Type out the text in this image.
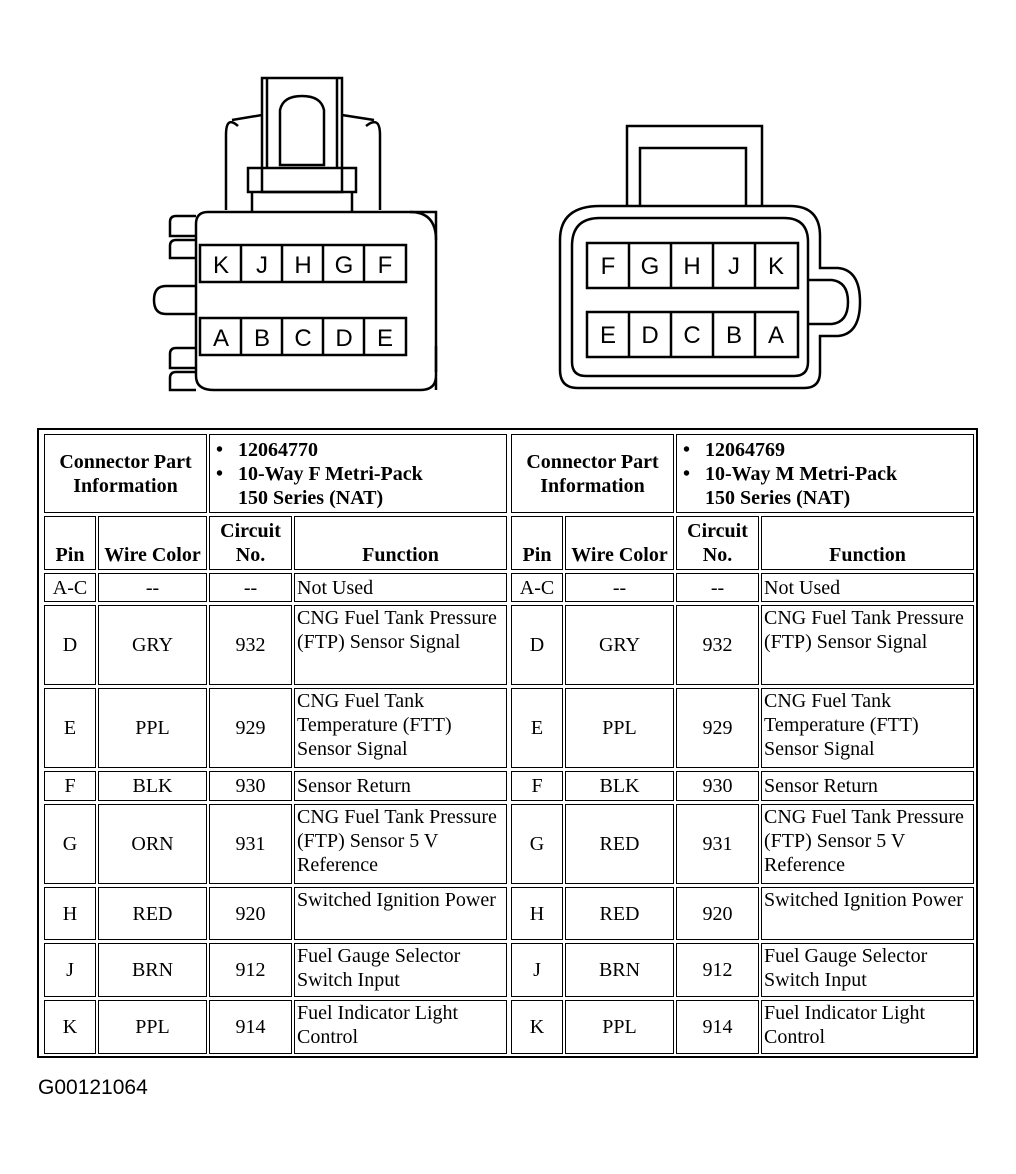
K J H G F
A B C D E
F G H J K
E D C B A
Connector Part Information
• 12064770
• 10-Way F Metri-Pack
150 Series (NAT)
Pin Wire Color
Circuit No.	Function
A-C	--	--	Not Used
D	GRY	932
CNG Fuel Tank Pressure (FTP) Sensor Signal
E	PPL	929
CNG Fuel Tank Temperature (FTT) Sensor Signal
F	BLK	930	Sensor Return
G	ORN	931
CNG Fuel Tank Pressure (FTP) Sensor 5 V Reference
H	RED	920
Switched Ignition Power
J	BRN	912
Fuel Gauge Selector Switch Input
K	PPL	914
Fuel Indicator Light Control
Connector Part Information
• 12064769
• 10-Way M Metri-Pack
150 Series (NAT)
Pin Wire Color
Circuit No.	Function
A-C	--	--	Not Used
D	GRY	932
CNG Fuel Tank Pressure (FTP) Sensor Signal
E	PPL	929
CNG Fuel Tank Temperature (FTT) Sensor Signal
F	BLK	930	Sensor Return
G	RED	931
CNG Fuel Tank Pressure (FTP) Sensor 5 V Reference
H	RED	920
Switched Ignition Power
J	BRN	912
Fuel Gauge Selector Switch Input
K	PPL	914
Fuel Indicator Light Control
G00121064
